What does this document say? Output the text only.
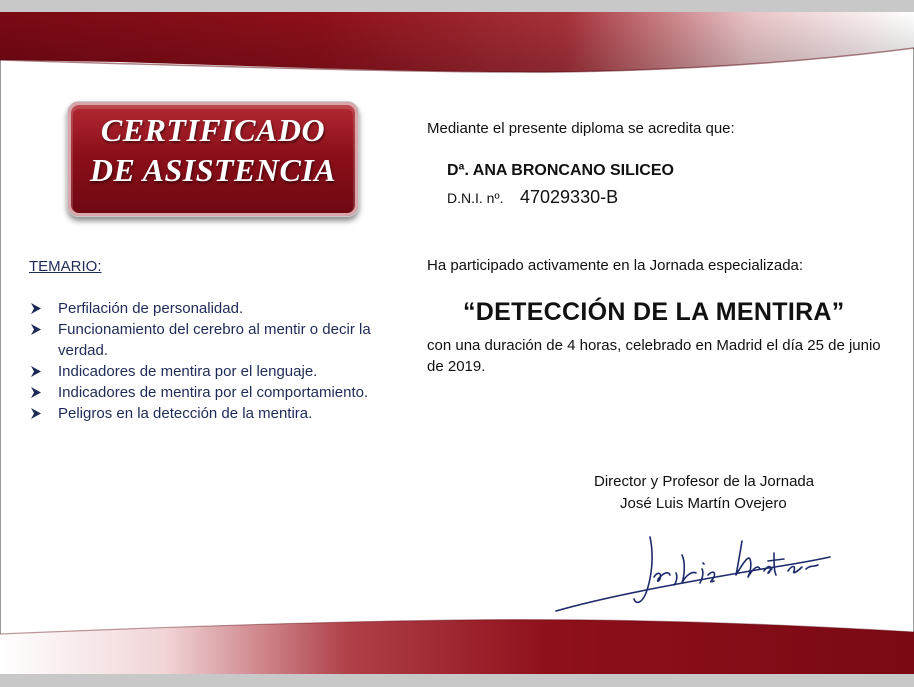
CERTIFICADO
DE ASISTENCIA
TEMARIO:
Perfilación de personalidad.
Funcionamiento del cerebro al mentir o decir la verdad.
Indicadores de mentira por el lenguaje.
Indicadores de mentira por el comportamiento.
Peligros en la detección de la mentira.
Mediante el presente diploma se acredita que:
Dª. ANA BRONCANO SILICEO
D.N.I. nº. 47029330-B
Ha participado activamente en la Jornada especializada:
“DETECCIÓN DE LA MENTIRA”
con una duración de 4 horas, celebrado en Madrid el día 25 de junio de 2019.
Director y Profesor de la Jornada
José Luis Martín Ovejero
